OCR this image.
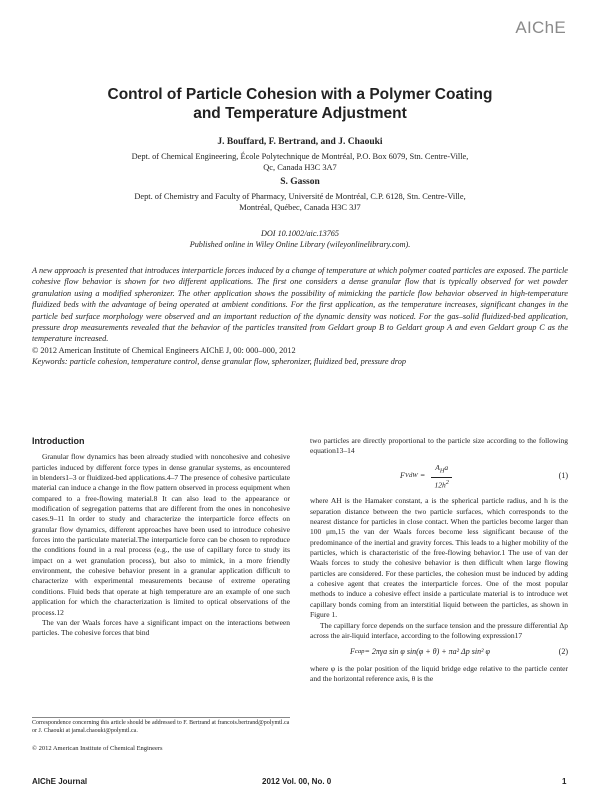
AIChE
Control of Particle Cohesion with a Polymer Coating
and Temperature Adjustment
J. Bouffard, F. Bertrand, and J. Chaouki
Dept. of Chemical Engineering, École Polytechnique de Montréal, P.O. Box 6079, Stn. Centre-Ville,
Qc, Canada H3C 3A7
S. Gasson
Dept. of Chemistry and Faculty of Pharmacy, Université de Montréal, C.P. 6128, Stn. Centre-Ville,
Montréal, Québec, Canada H3C 3J7
DOI 10.1002/aic.13765
Published online in Wiley Online Library (wileyonlinelibrary.com).

A new approach is presented that introduces interparticle forces induced by a change of temperature at which polymer coated particles are exposed. The particle cohesive flow behavior is shown for two different applications. The first one considers a dense granular flow that is typically observed for wet powder granulation using a modified spheronizer. The other application shows the possibility of mimicking the particle flow behavior observed in high-temperature fluidized beds with the advantage of being operated at ambient conditions. For the first application, as the temperature increases, significant changes in the particle bed surface morphology were observed and an important reduction of the dynamic density was noticed. For the gas–solid fluidized-bed application, pressure drop measurements revealed that the behavior of the particles transited from Geldart group B to Geldart group A and even Geldart group C as the temperature increased.

© 2012 American Institute of Chemical Engineers AIChE J, 00: 000–000, 2012

Keywords: particle cohesion, temperature control, dense granular flow, spheronizer, fluidized bed, pressure drop

Introduction

Granular flow dynamics has been already studied with noncohesive and cohesive particles induced by different force types in dense granular systems, as encountered in blenders1–3 or fluidized-bed applications.4–7 The presence of cohesive particulate material can induce a change in the flow pattern observed in process equipment when compared to a free-flowing material.8 It can also lead to the appearance or modification of segregation patterns that are different from the ones in noncohesive cases.9–11 In order to study and characterize the interparticle force effects on granular flow dynamics, different approaches have been used to introduce cohesive forces into the particulate material.The interparticle force can be chosen to reproduce the conditions found in a real process (e.g., the use of capillary force to study its impact on a wet granulation process), but also to mimick, in a more friendly environment, the cohesive behavior present in a granular application difficult to characterize with experimental measurements because of extreme operating conditions. Fluid beds that operate at high temperature are an example of one such application for which the characterization is limited to optical observations of the process.12

The van der Waals forces have a significant impact on the interactions between particles. The cohesive forces that bind

two particles are directly proportional to the particle size according to the following equation13–14

F VdW = $\frac{A_Ha}{12h^2}$	(1)

where AH is the Hamaker constant, a is the spherical particle radius, and h is the separation distance between the two particle surfaces, which corresponds to the nearest distance for particles in close contact. When the particles become larger than 100 μm,15 the van der Waals forces become less significant because of the predominance of the inertial and gravity forces. This leads to a higher mobility of the particles, which is characteristic of the free-flowing behavior.1 The use of van der Waals forces to study the cohesive behavior is then difficult when large flowing particles are considered. For these particles, the cohesion must be induced by adding a cohesive agent that creates the interparticle forces. One of the most popular methods to induce a cohesive effect inside a particulate material is to introduce wet capillary bonds coming from an interstitial liquid between the particles, as shown in Figure 1.

The capillary force depends on the surface tension and the pressure differential Δp across the air-liquid interface, according to the following expression17

F cap = 2πγa sin φ sin(φ + θ) + πa² Δp sin² φ	(2)

where φ is the polar position of the liquid bridge edge relative to the particle center and the horizontal reference axis, θ is the

Correspondence concerning this article should be addressed to F. Bertrand at francois.bertrand@polymtl.ca or J. Chaouki at jamal.chaouki@polymtl.ca.
© 2012 American Institute of Chemical Engineers
AIChE Journal	2012 Vol. 00, No. 0	1
